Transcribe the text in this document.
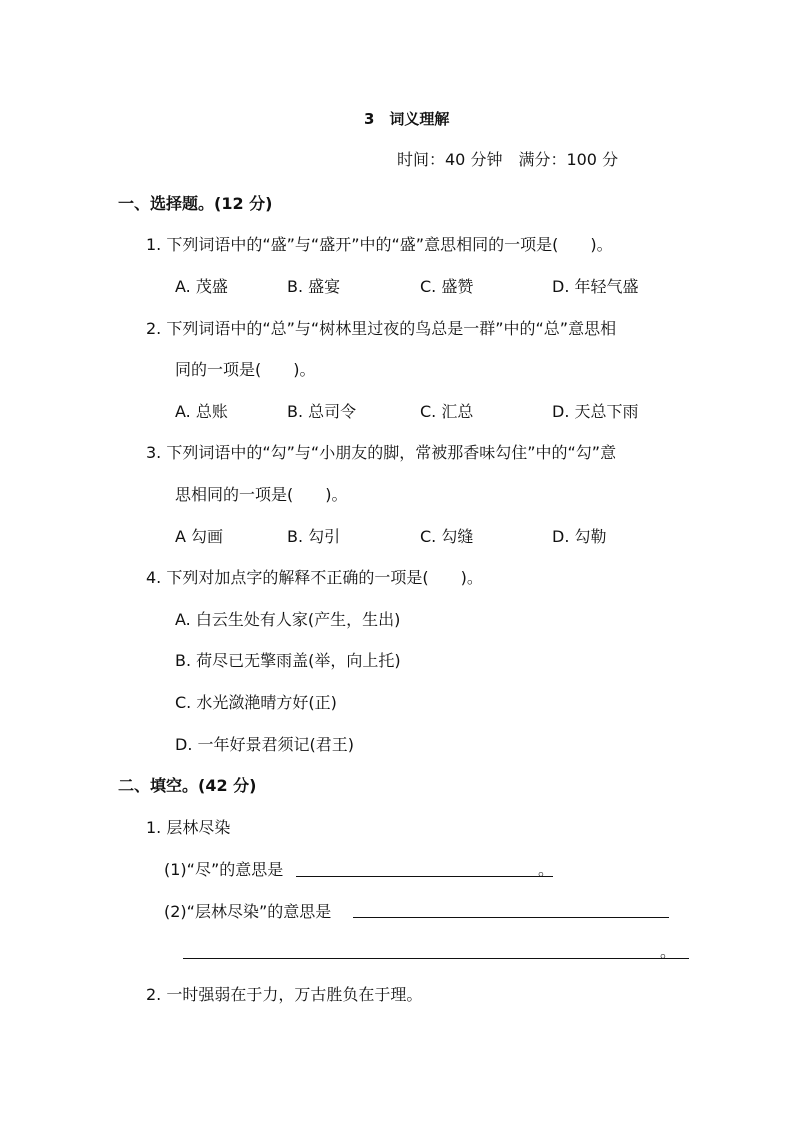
3　词义理解
时间：40 分钟　满分：100 分
一、选择题。(12 分)
1. 下列词语中的“盛”与“盛开”中的“盛”意思相同的一项是(　　)。
A. 茂盛	B. 盛宴	C. 盛赞	D. 年轻气盛
2. 下列词语中的“总”与“树林里过夜的鸟总是一群”中的“总”意思相
同的一项是(　　)。
A. 总账	B. 总司令	C. 汇总	D. 天总下雨
3. 下列词语中的“勾”与“小朋友的脚，常被那香味勾住”中的“勾”意
思相同的一项是(　　)。
A 勾画	B. 勾引	C. 勾缝	D. 勾勒
4. 下列对加点字的解释不正确的一项是(　　)。
A. 白云生处有人家(产生，生出)
B. 荷尽已无擎雨盖(举，向上托)
C. 水光潋滟晴方好(正)
D. 一年好景君须记(君王)
二、填空。(42 分)
1. 层林尽染
(1)“尽”的意思是	。
(2)“层林尽染”的意思是
。
2. 一时强弱在于力，万古胜负在于理。
